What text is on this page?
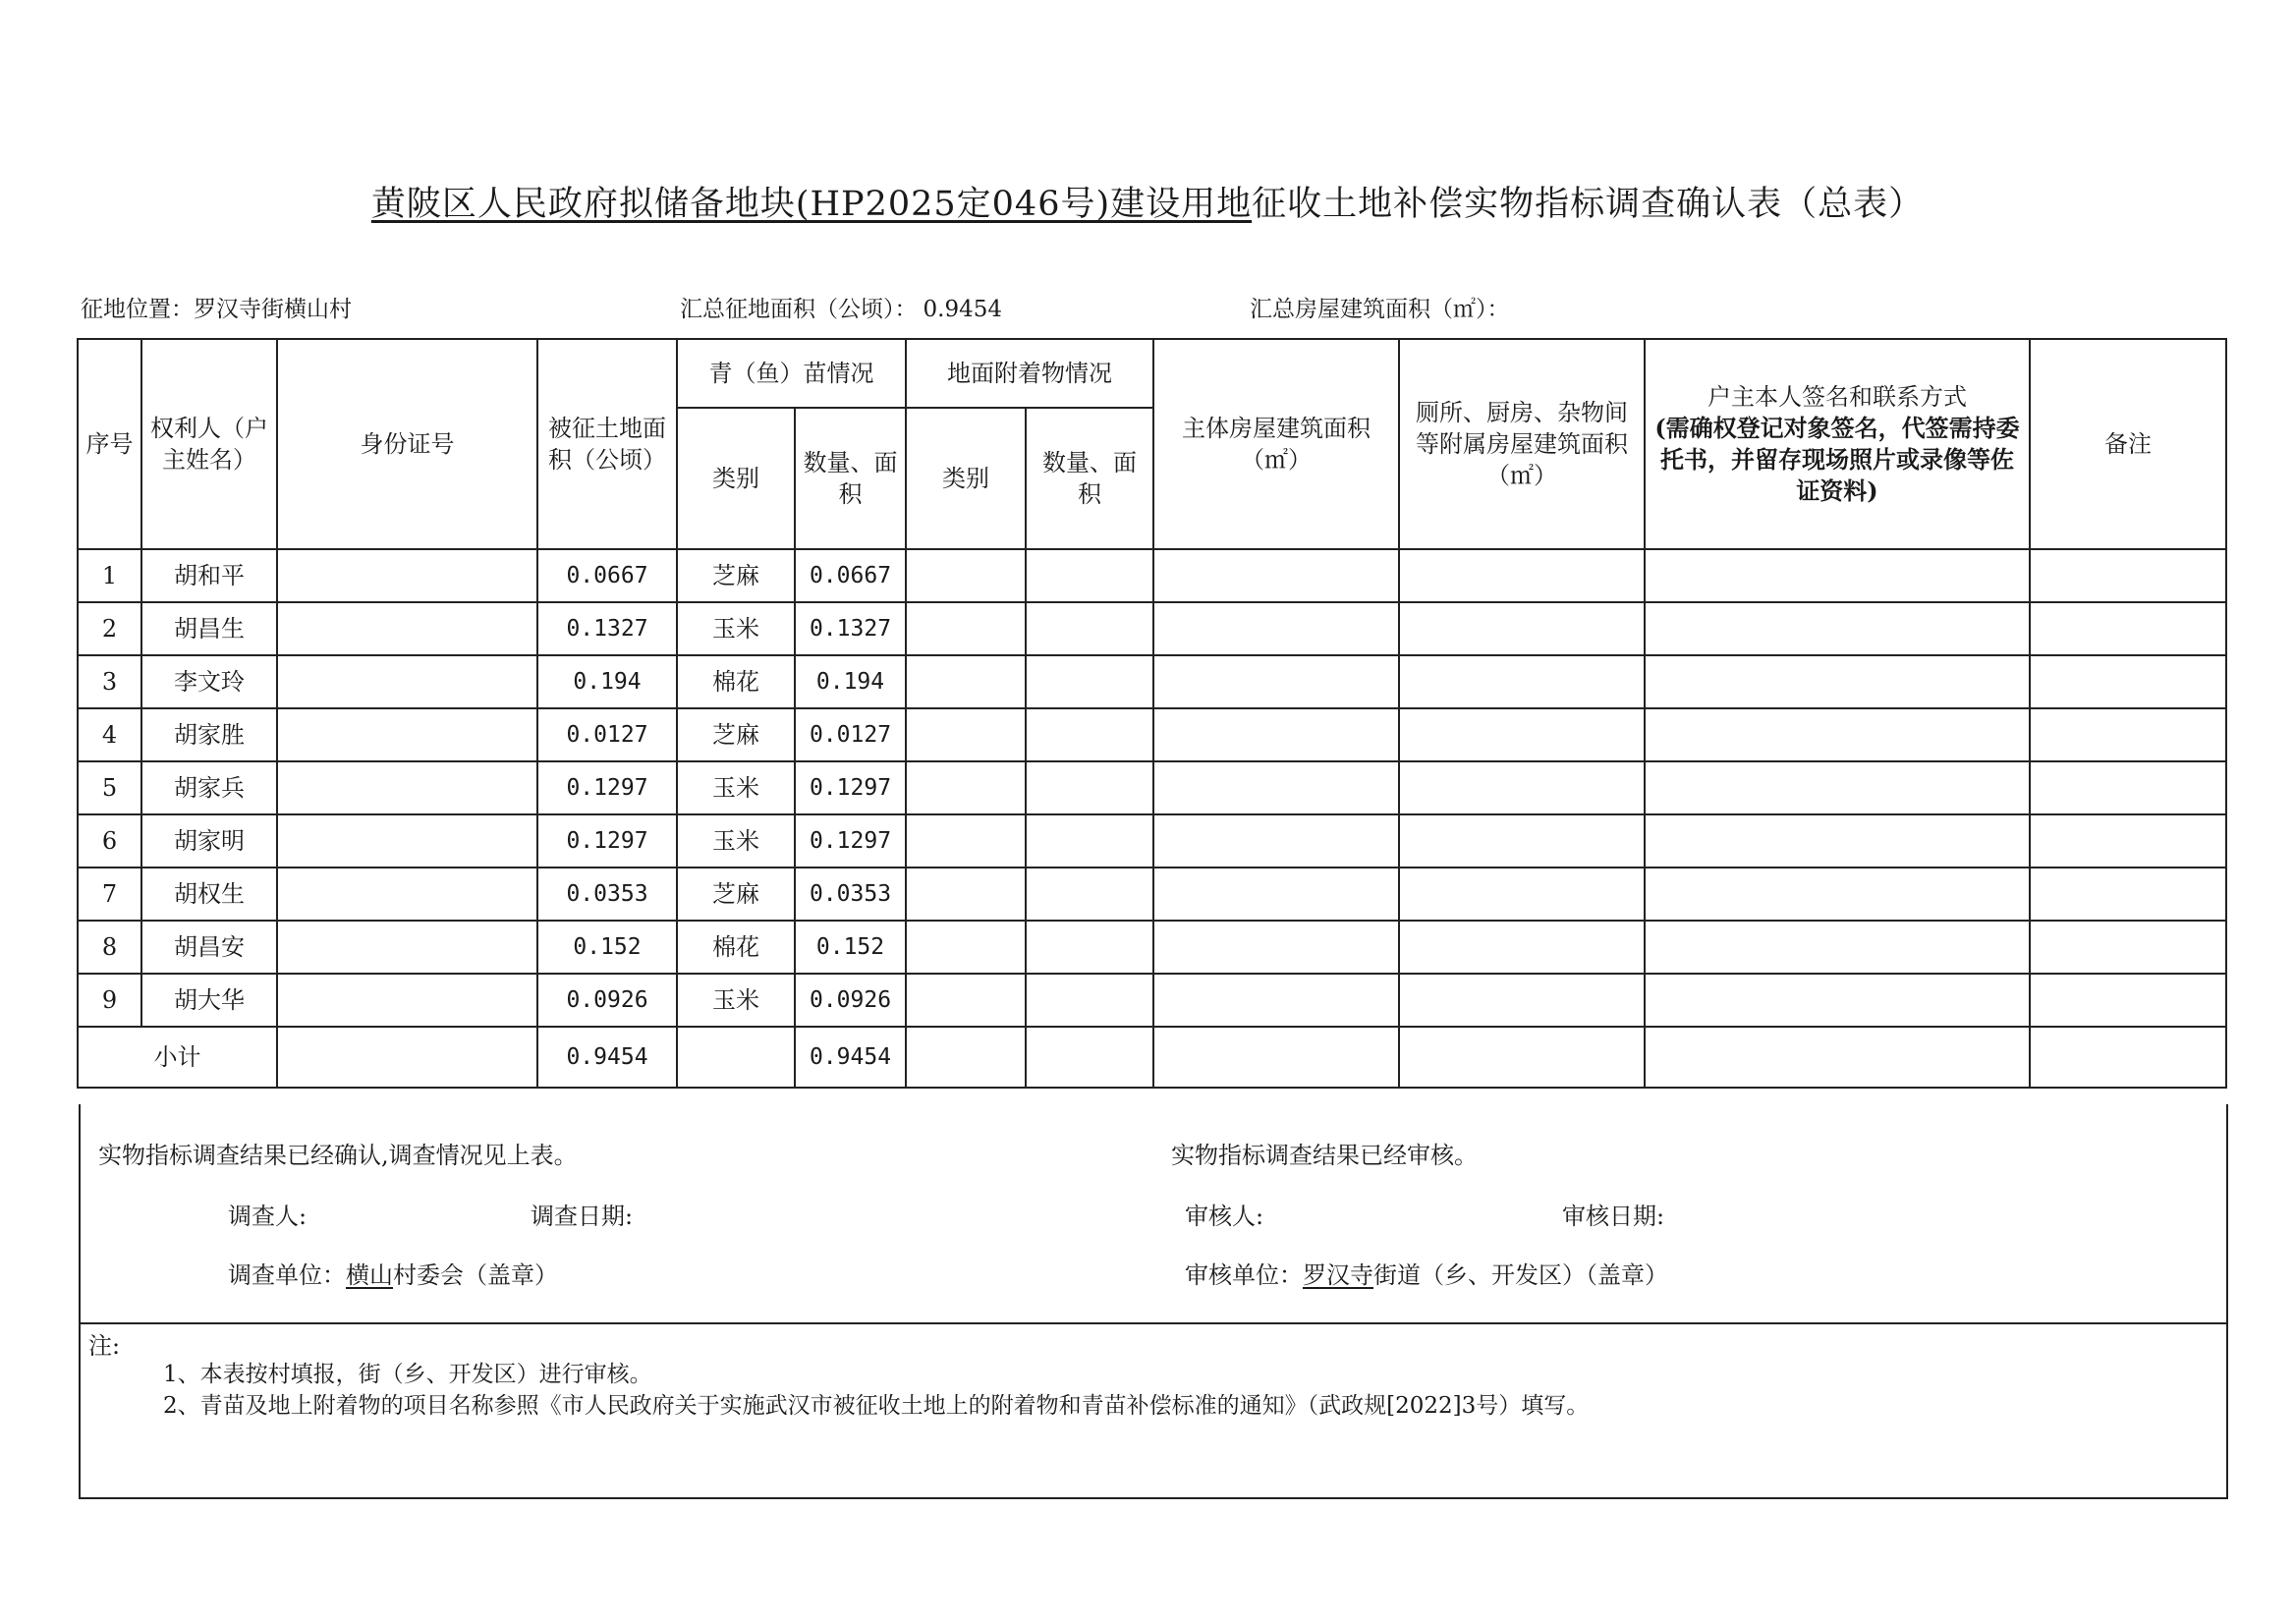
黄陂区人民政府拟储备地块(HP2025定046号)建设用地征收土地补偿实物指标调查确认表（总表）
征地位置：罗汉寺街横山村	汇总征地面积（公顷）： 0.9454	汇总房屋建筑面积（㎡）：
序号	权利人（户主姓名）	身份证号	被征土地面积（公顷）	青（鱼）苗情况		地面附着物情况		主体房屋建筑面积（㎡）	厕所、厨房、杂物间等附属房屋建筑面积（㎡）	户主本人签名和联系方式
(需确权登记对象签名，代签需持委托书，并留存现场照片或录像等佐证资料)	备注
				类别	数量、面积	类别	数量、面积				
1	胡和平		0.0667	芝麻	0.0667						
2	胡昌生		0.1327	玉米	0.1327						
3	李文玲		0.194	棉花	0.194						
4	胡家胜		0.0127	芝麻	0.0127						
5	胡家兵		0.1297	玉米	0.1297						
6	胡家明		0.1297	玉米	0.1297						
7	胡权生		0.0353	芝麻	0.0353						
8	胡昌安		0.152	棉花	0.152						
9	胡大华		0.0926	玉米	0.0926						
小计			0.9454		0.9454						
实物指标调查结果已经确认,调查情况见上表。
调查人:	调查日期:
调查单位：横山村委会（盖章）
实物指标调查结果已经审核。
审核人:	审核日期:
审核单位：罗汉寺街道（乡、开发区）（盖章）
注:
1、本表按村填报，街（乡、开发区）进行审核。
2、青苗及地上附着物的项目名称参照《市人民政府关于实施武汉市被征收土地上的附着物和青苗补偿标准的通知》（武政规[2022]3号）填写。
